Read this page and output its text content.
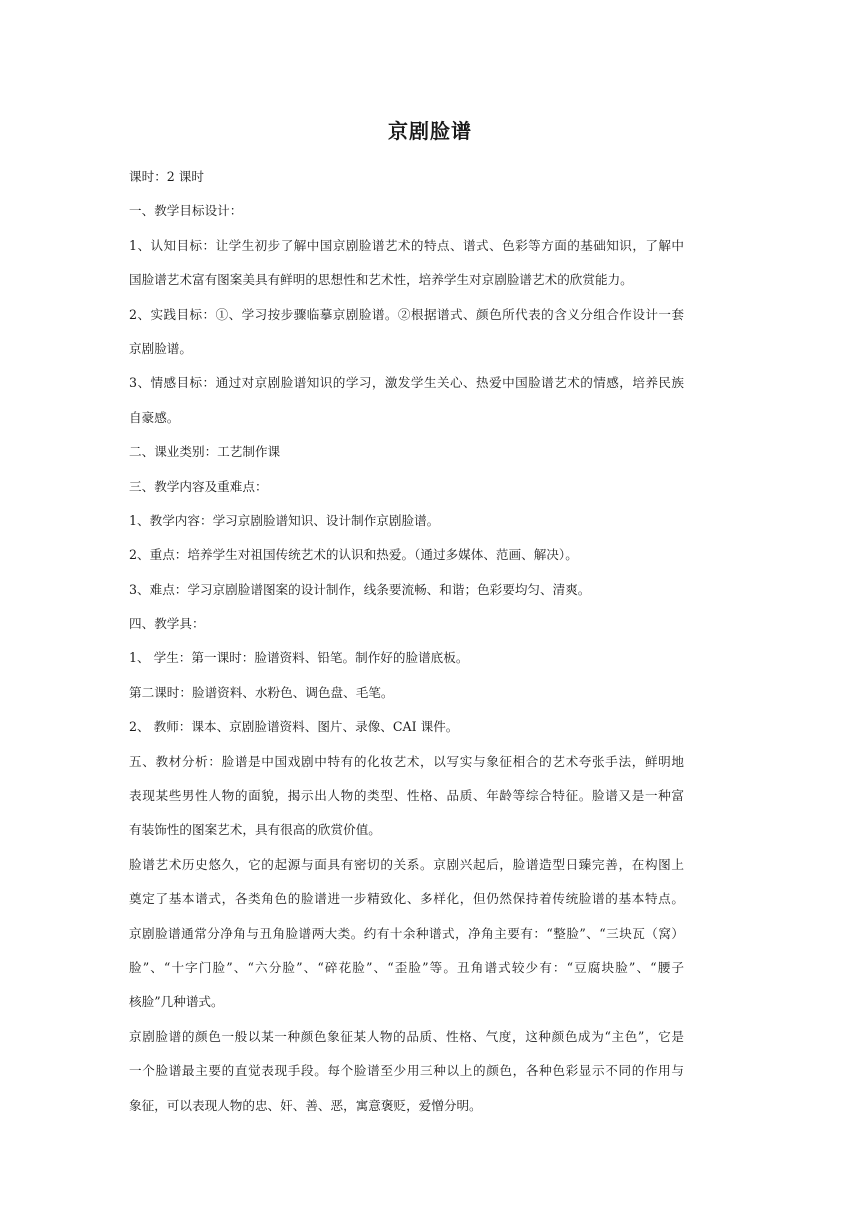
京剧脸谱
课时：2 课时
一、教学目标设计：
1、认知目标：让学生初步了解中国京剧脸谱艺术的特点、谱式、色彩等方面的基础知识，了解中
国脸谱艺术富有图案美具有鲜明的思想性和艺术性，培养学生对京剧脸谱艺术的欣赏能力。
2、实践目标：①、学习按步骤临摹京剧脸谱。②根据谱式、颜色所代表的含义分组合作设计一套
京剧脸谱。
3、情感目标：通过对京剧脸谱知识的学习，激发学生关心、热爱中国脸谱艺术的情感，培养民族
自豪感。
二、课业类别：工艺制作课
三、教学内容及重难点：
1、教学内容：学习京剧脸谱知识、设计制作京剧脸谱。
2、重点：培养学生对祖国传统艺术的认识和热爱。（通过多媒体、范画、解决）。
3、难点：学习京剧脸谱图案的设计制作，线条要流畅、和谐；色彩要均匀、清爽。
四、教学具：
1、 学生：第一课时：脸谱资料、铅笔。制作好的脸谱底板。
第二课时：脸谱资料、水粉色、调色盘、毛笔。
2、 教师：课本、京剧脸谱资料、图片、录像、CAI 课件。
五、教材分析：脸谱是中国戏剧中特有的化妆艺术，以写实与象征相合的艺术夸张手法，鲜明地
表现某些男性人物的面貌，揭示出人物的类型、性格、品质、年龄等综合特征。脸谱又是一种富
有装饰性的图案艺术，具有很高的欣赏价值。
脸谱艺术历史悠久，它的起源与面具有密切的关系。京剧兴起后，脸谱造型日臻完善，在构图上
奠定了基本谱式，各类角色的脸谱进一步精致化、多样化，但仍然保持着传统脸谱的基本特点。
京剧脸谱通常分净角与丑角脸谱两大类。约有十余种谱式，净角主要有：“整脸”、“三块瓦（窝）
脸”、“十字门脸”、“六分脸”、“碎花脸”、“歪脸”等。丑角谱式较少有：“豆腐块脸”、“腰子
核脸”几种谱式。
京剧脸谱的颜色一般以某一种颜色象征某人物的品质、性格、气度，这种颜色成为“主色”，它是
一个脸谱最主要的直觉表现手段。每个脸谱至少用三种以上的颜色，各种色彩显示不同的作用与
象征，可以表现人物的忠、奸、善、恶，寓意褒贬，爱憎分明。
